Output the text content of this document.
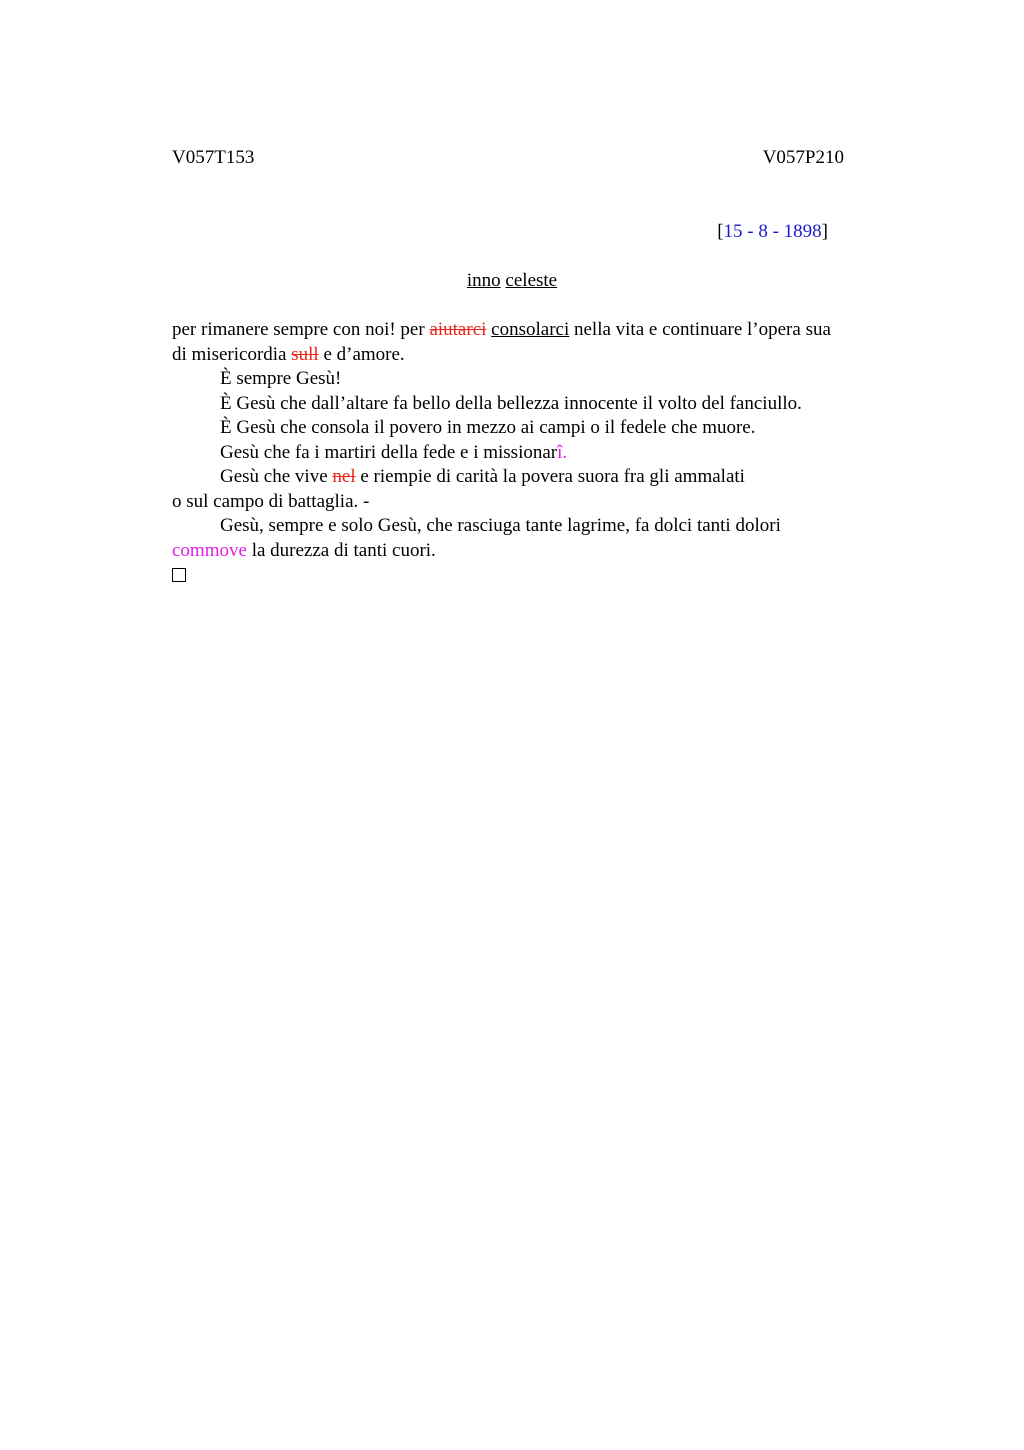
V057T153	V057P210
[15 - 8 - 1898]
inno celeste
per rimanere sempre con noi! per aiutarci consolarci nella vita e continuare l’opera sua
di misericordia sull e d’amore.
È sempre Gesù!
È Gesù che dall’altare fa bello della bellezza innocente il volto del fanciullo.
È Gesù che consola il povero in mezzo ai campi o il fedele che muore.
Gesù che fa i martiri della fede e i missionarî.
Gesù che vive nel e riempie di carità la povera suora fra gli ammalati
o sul campo di battaglia. -
Gesù, sempre e solo Gesù, che rasciuga tante lagrime, fa dolci tanti dolori
commove la durezza di tanti cuori.
